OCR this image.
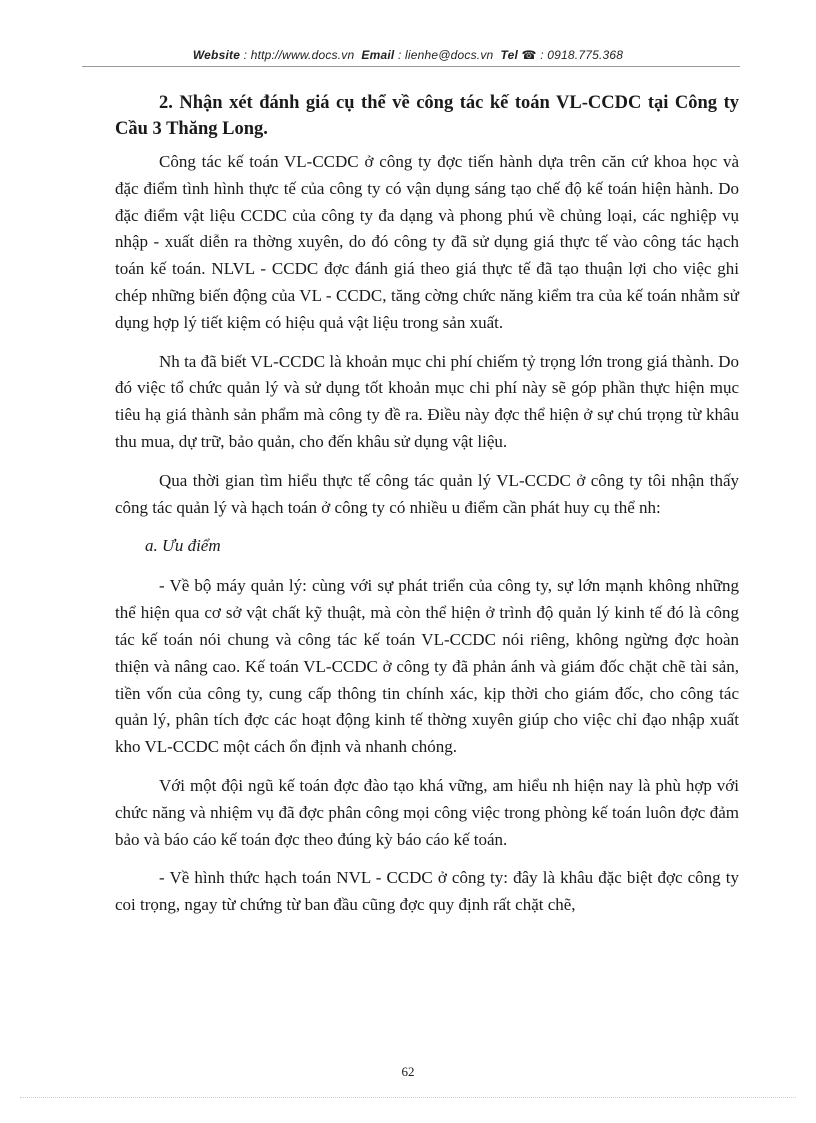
Website : http://www.docs.vn Email : lienhe@docs.vn Tel ☎ : 0918.775.368
2. Nhận xét đánh giá cụ thể về công tác kế toán VL-CCDC tại Công ty Cầu 3 Thăng Long.

Công tác kế toán VL-CCDC ở công ty đợc tiến hành dựa trên căn cứ khoa học và đặc điểm tình hình thực tế của công ty có vận dụng sáng tạo chế độ kế toán hiện hành. Do đặc điểm vật liệu CCDC của công ty đa dạng và phong phú về chủng loại, các nghiệp vụ nhập - xuất diễn ra thờng xuyên, do đó công ty đã sử dụng giá thực tế vào công tác hạch toán kế toán. NLVL - CCDC đợc đánh giá theo giá thực tế đã tạo thuận lợi cho việc ghi chép những biến động của VL - CCDC, tăng cờng chức năng kiểm tra của kế toán nhằm sử dụng hợp lý tiết kiệm có hiệu quả vật liệu trong sản xuất.

Nh ta đã biết VL-CCDC là khoản mục chi phí chiếm tỷ trọng lớn trong giá thành. Do đó việc tổ chức quản lý và sử dụng tốt khoản mục chi phí này sẽ góp phần thực hiện mục tiêu hạ giá thành sản phẩm mà công ty đề ra. Điều này đợc thể hiện ở sự chú trọng từ khâu thu mua, dự trữ, bảo quản, cho đến khâu sử dụng vật liệu.

Qua thời gian tìm hiểu thực tế công tác quản lý VL-CCDC ở công ty tôi nhận thấy công tác quản lý và hạch toán ở công ty có nhiều u điểm cần phát huy cụ thể nh:

a. Ưu điểm

- Về bộ máy quản lý: cùng với sự phát triển của công ty, sự lớn mạnh không những thể hiện qua cơ sở vật chất kỹ thuật, mà còn thể hiện ở trình độ quản lý kinh tế đó là công tác kế toán nói chung và công tác kế toán VL-CCDC nói riêng, không ngừng đợc hoàn thiện và nâng cao. Kế toán VL-CCDC ở công ty đã phản ánh và giám đốc chặt chẽ tài sản, tiền vốn của công ty, cung cấp thông tin chính xác, kịp thời cho giám đốc, cho công tác quản lý, phân tích đợc các hoạt động kinh tế thờng xuyên giúp cho việc chỉ đạo nhập xuất kho VL-CCDC một cách ổn định và nhanh chóng.

Với một đội ngũ kế toán đợc đào tạo khá vững, am hiểu nh hiện nay là phù hợp với chức năng và nhiệm vụ đã đợc phân công mọi công việc trong phòng kế toán luôn đợc đảm bảo và báo cáo kế toán đợc theo đúng kỳ báo cáo kế toán.

- Về hình thức hạch toán NVL - CCDC ở công ty: đây là khâu đặc biệt đợc công ty coi trọng, ngay từ chứng từ ban đầu cũng đợc quy định rất chặt chẽ,

62
